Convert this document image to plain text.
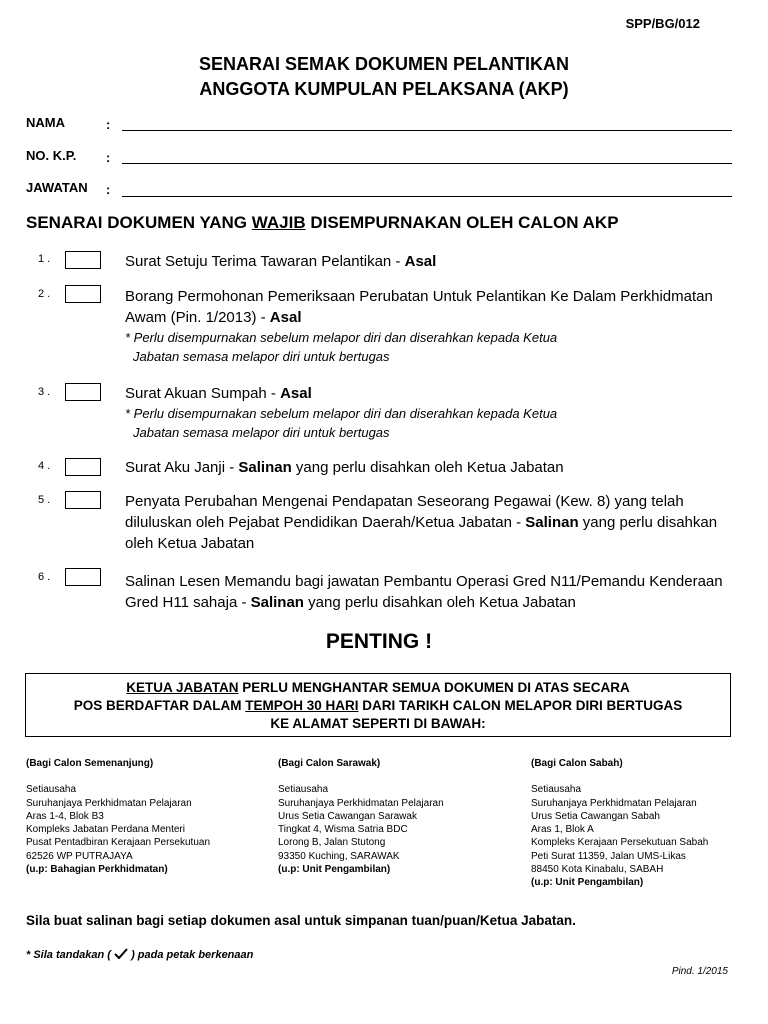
SPP/BG/012
SENARAI SEMAK DOKUMEN PELANTIKAN
ANGGOTA KUMPULAN PELAKSANA (AKP)
NAMA	:
NO. K.P. :
JAWATAN :
SENARAI DOKUMEN YANG WAJIB DISEMPURNAKAN OLEH CALON AKP
1 .	Surat Setuju Terima Tawaran Pelantikan - Asal
2 .	Borang Permohonan Pemeriksaan Perubatan Untuk Pelantikan Ke Dalam Perkhidmatan Awam (Pin. 1/2013) - Asal
* Perlu disempurnakan sebelum melapor diri dan diserahkan kepada Ketua
Jabatan semasa melapor diri untuk bertugas
3 .	Surat Akuan Sumpah - Asal
* Perlu disempurnakan sebelum melapor diri dan diserahkan kepada Ketua
Jabatan semasa melapor diri untuk bertugas
4 .	Surat Aku Janji - Salinan yang perlu disahkan oleh Ketua Jabatan
5 .	Penyata Perubahan Mengenai Pendapatan Seseorang Pegawai (Kew. 8) yang telah diluluskan oleh Pejabat Pendidikan Daerah/Ketua Jabatan - Salinan yang perlu disahkan oleh Ketua Jabatan
6 .	Salinan Lesen Memandu bagi jawatan Pembantu Operasi Gred N11/Pemandu Kenderaan Gred H11 sahaja - Salinan yang perlu disahkan oleh Ketua Jabatan
PENTING !
KETUA JABATAN PERLU MENGHANTAR SEMUA DOKUMEN DI ATAS SECARA
POS BERDAFTAR DALAM TEMPOH 30 HARI DARI TARIKH CALON MELAPOR DIRI BERTUGAS
KE ALAMAT SEPERTI DI BAWAH:
(Bagi Calon Semenanjung)
Setiausaha
Suruhanjaya Perkhidmatan Pelajaran
Aras 1-4, Blok B3
Kompleks Jabatan Perdana Menteri
Pusat Pentadbiran Kerajaan Persekutuan
62526 WP PUTRAJAYA
(u.p: Bahagian Perkhidmatan)
(Bagi Calon Sarawak)
Setiausaha
Suruhanjaya Perkhidmatan Pelajaran
Urus Setia Cawangan Sarawak
Tingkat 4, Wisma Satria BDC
Lorong B, Jalan Stutong
93350 Kuching, SARAWAK
(u.p: Unit Pengambilan)
(Bagi Calon Sabah)
Setiausaha
Suruhanjaya Perkhidmatan Pelajaran
Urus Setia Cawangan Sabah
Aras 1, Blok A
Kompleks Kerajaan Persekutuan Sabah
Peti Surat 11359, Jalan UMS-Likas
88450 Kota Kinabalu, SABAH
(u.p: Unit Pengambilan)
Sila buat salinan bagi setiap dokumen asal untuk simpanan tuan/puan/Ketua Jabatan.
* Sila tandakan (  ) pada petak berkenaan
Pind. 1/2015
